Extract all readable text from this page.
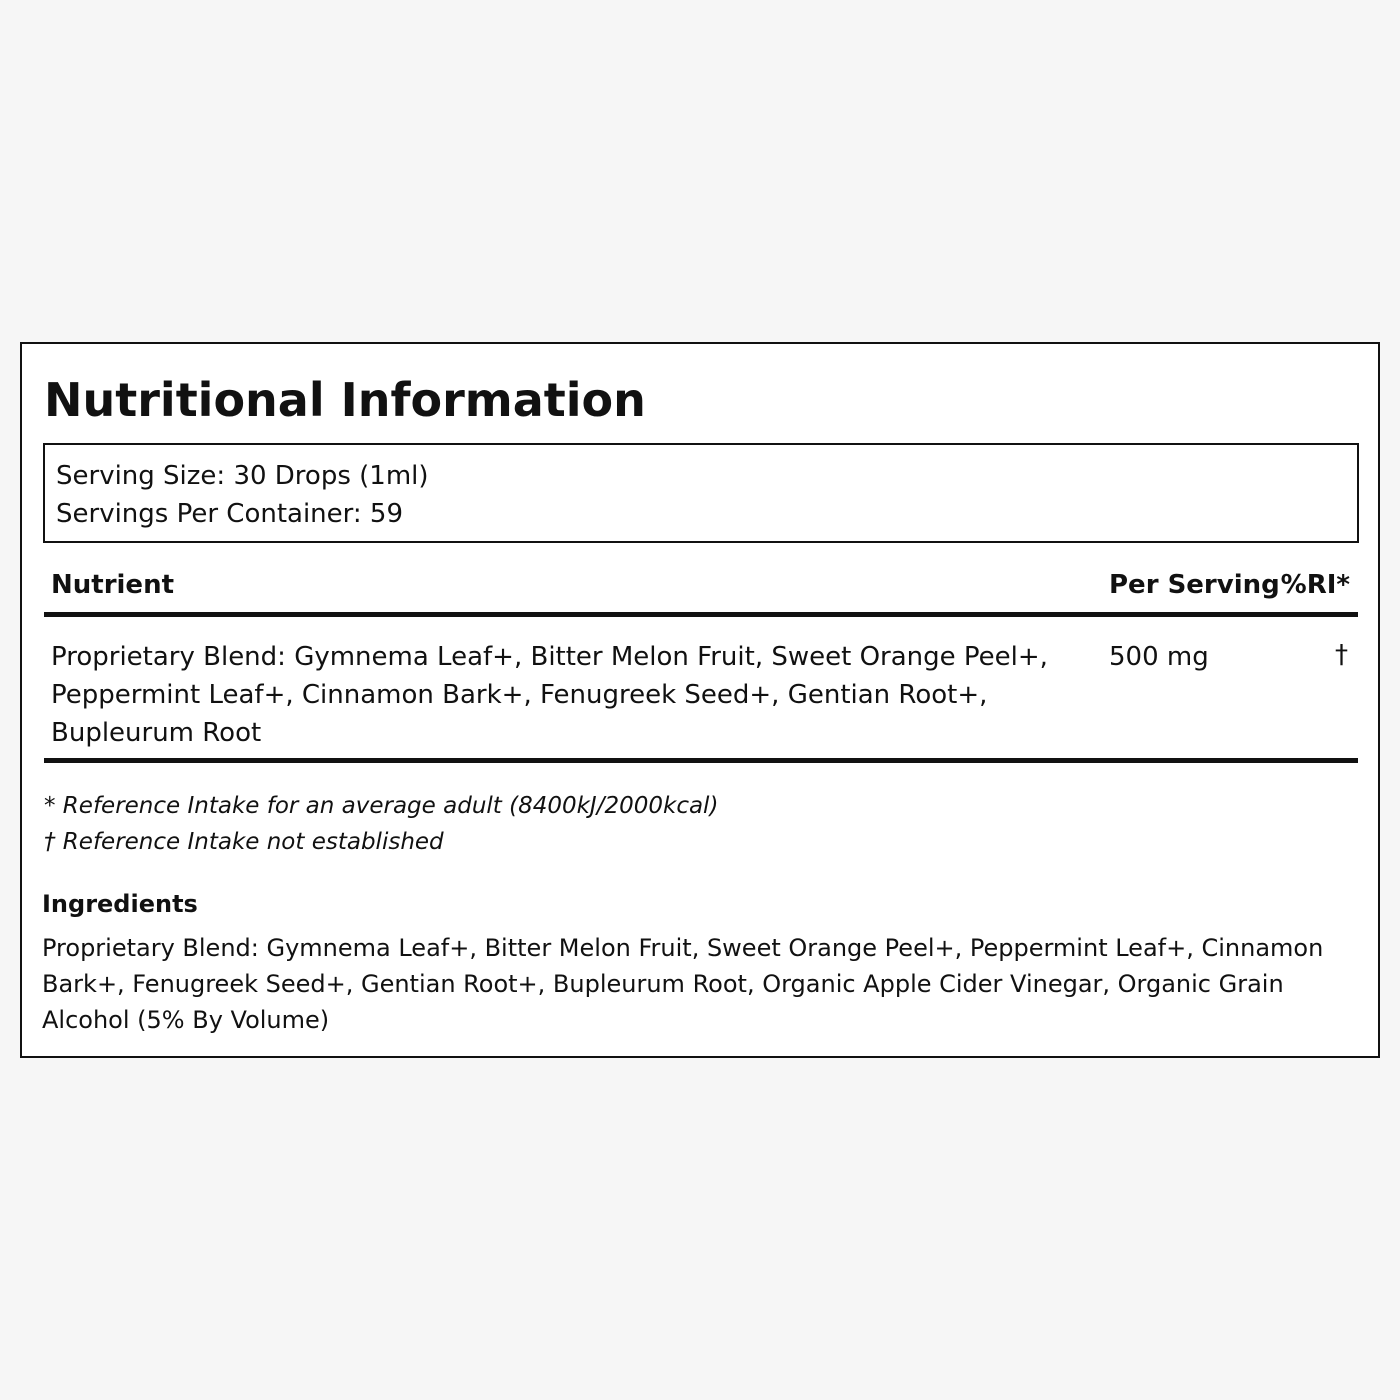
Nutritional Information
Serving Size: 30 Drops (1ml)
Servings Per Container: 59
Nutrient	Per Serving %RI*
Proprietary Blend: Gymnema Leaf+, Bitter Melon Fruit, Sweet Orange Peel+, Peppermint Leaf+, Cinnamon Bark+, Fenugreek Seed+, Gentian Root+, Bupleurum Root
500 mg	†
* Reference Intake for an average adult (8400kJ/2000kcal)
† Reference Intake not established
Ingredients
Proprietary Blend: Gymnema Leaf+, Bitter Melon Fruit, Sweet Orange Peel+, Peppermint Leaf+, Cinnamon Bark+, Fenugreek Seed+, Gentian Root+, Bupleurum Root, Organic Apple Cider Vinegar, Organic Grain Alcohol (5% By Volume)
